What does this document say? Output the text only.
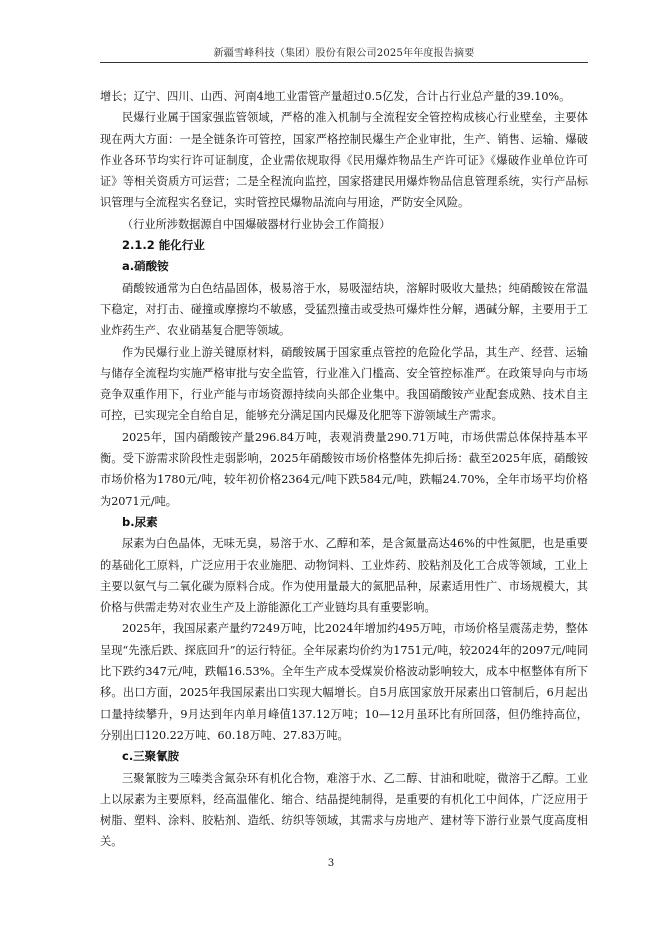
新疆雪峰科技（集团）股份有限公司2025年年度报告摘要

增长；辽宁、四川、山西、河南4地工业雷管产量超过0.5亿发，合计占行业总产量的39.10%。

民爆行业属于国家强监管领域，严格的准入机制与全流程安全管控构成核心行业壁垒，主要体现在两大方面：一是全链条许可管控，国家严格控制民爆生产企业审批，生产、销售、运输、爆破作业各环节均实行许可证制度，企业需依规取得《民用爆炸物品生产许可证》《爆破作业单位许可证》等相关资质方可运营；二是全程流向监控，国家搭建民用爆炸物品信息管理系统，实行产品标识管理与全流程实名登记，实时管控民爆物品流向与用途，严防安全风险。

（行业所涉数据源自中国爆破器材行业协会工作简报）

2.1.2 能化行业
a.硝酸铵

硝酸铵通常为白色结晶固体，极易溶于水，易吸湿结块，溶解时吸收大量热；纯硝酸铵在常温下稳定，对打击、碰撞或摩擦均不敏感，受猛烈撞击或受热可爆炸性分解，遇碱分解，主要用于工业炸药生产、农业硝基复合肥等领域。

作为民爆行业上游关键原材料，硝酸铵属于国家重点管控的危险化学品，其生产、经营、运输与储存全流程均实施严格审批与安全监管，行业准入门槛高、安全管控标准严。在政策导向与市场竞争双重作用下，行业产能与市场资源持续向头部企业集中。我国硝酸铵产业配套成熟、技术自主可控，已实现完全自给自足，能够充分满足国内民爆及化肥等下游领域生产需求。

2025年，国内硝酸铵产量296.84万吨，表观消费量290.71万吨，市场供需总体保持基本平衡。受下游需求阶段性走弱影响，2025年硝酸铵市场价格整体先抑后扬：截至2025年底，硝酸铵市场价格为1780元/吨，较年初价格2364元/吨下跌584元/吨，跌幅24.70%，全年市场平均价格为2071元/吨。

b.尿素

尿素为白色晶体，无味无臭，易溶于水、乙醇和苯，是含氮量高达46%的中性氮肥，也是重要的基础化工原料，广泛应用于农业施肥、动物饲料、工业炸药、胶粘剂及化工合成等领域，工业上主要以氨气与二氧化碳为原料合成。作为使用量最大的氮肥品种，尿素适用性广、市场规模大，其价格与供需走势对农业生产及上游能源化工产业链均具有重要影响。

2025年，我国尿素产量约7249万吨，比2024年增加约495万吨，市场价格呈震荡走势，整体呈现“先涨后跌、探底回升”的运行特征。全年尿素均价约为1751元/吨，较2024年的2097元/吨同比下跌约347元/吨，跌幅16.53%。全年生产成本受煤炭价格波动影响较大，成本中枢整体有所下移。出口方面，2025年我国尿素出口实现大幅增长。自5月底国家放开尿素出口管制后，6月起出口量持续攀升，9月达到年内单月峰值137.12万吨；10—12月虽环比有所回落，但仍维持高位，分别出口120.22万吨、60.18万吨、27.83万吨。

c.三聚氰胺

三聚氰胺为三嗪类含氮杂环有机化合物，难溶于水、乙二醇、甘油和吡啶，微溶于乙醇。工业上以尿素为主要原料，经高温催化、缩合、结晶提纯制得，是重要的有机化工中间体，广泛应用于树脂、塑料、涂料、胶粘剂、造纸、纺织等领域，其需求与房地产、建材等下游行业景气度高度相关。

3
